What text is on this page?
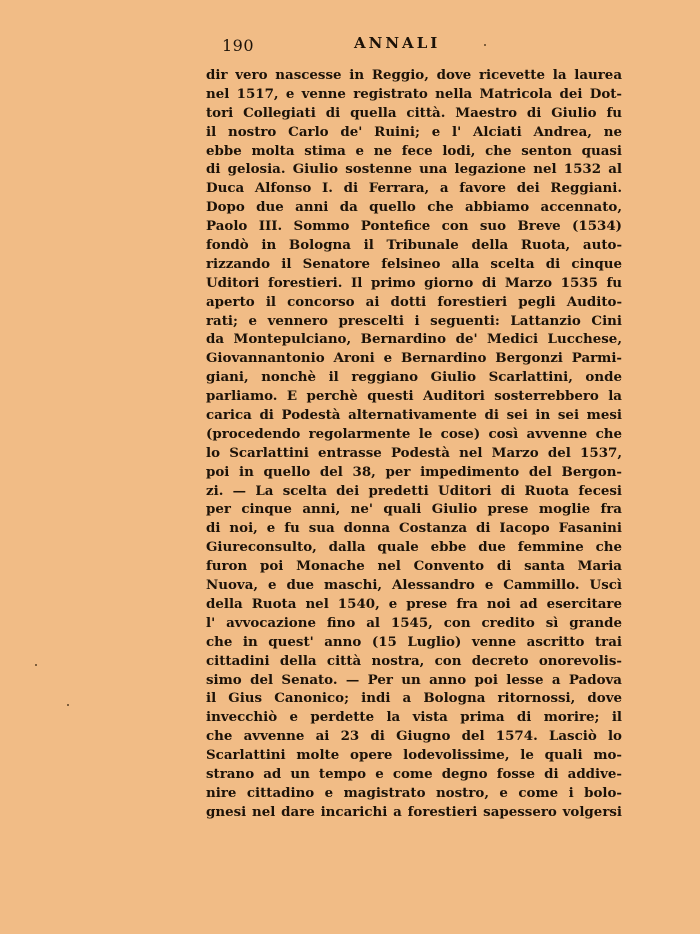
190	ANNALI
dir vero nascesse in Reggio, dove ricevette la laurea
nel 1517, e venne registrato nella Matricola dei Dot-
tori Collegiati di quella città. Maestro di Giulio fu
il nostro Carlo de' Ruini; e l' Alciati Andrea, ne
ebbe molta stima e ne fece lodi, che senton quasi
di gelosia. Giulio sostenne una legazione nel 1532 al
Duca Alfonso I. di Ferrara, a favore dei Reggiani.
Dopo due anni da quello che abbiamo accennato,
Paolo III. Sommo Pontefice con suo Breve (1534)
fondò in Bologna il Tribunale della Ruota, auto-
rizzando il Senatore felsineo alla scelta di cinque
Uditori forestieri. Il primo giorno di Marzo 1535 fu
aperto il concorso ai dotti forestieri pegli Audito-
rati; e vennero prescelti i seguenti: Lattanzio Cini
da Montepulciano, Bernardino de' Medici Lucchese,
Giovannantonio Aroni e Bernardino Bergonzi Parmi-
giani, nonchè il reggiano Giulio Scarlattini, onde
parliamo. E perchè questi Auditori sosterrebbero la
carica di Podestà alternativamente di sei in sei mesi
(procedendo regolarmente le cose) così avvenne che
lo Scarlattini entrasse Podestà nel Marzo del 1537,
poi in quello del 38, per impedimento del Bergon-
zi. — La scelta dei predetti Uditori di Ruota fecesi
per cinque anni, ne' quali Giulio prese moglie fra
di noi, e fu sua donna Costanza di Iacopo Fasanini
Giureconsulto, dalla quale ebbe due femmine che
furon poi Monache nel Convento di santa Maria
Nuova, e due maschi, Alessandro e Cammillo. Uscì
della Ruota nel 1540, e prese fra noi ad esercitare
l' avvocazione fino al 1545, con credito sì grande
che in quest' anno (15 Luglio) venne ascritto trai
cittadini della città nostra, con decreto onorevolis-
simo del Senato. — Per un anno poi lesse a Padova
il Gius Canonico; indi a Bologna ritornossi, dove
invecchiò e perdette la vista prima di morire; il
che avvenne ai 23 di Giugno del 1574. Lasciò lo
Scarlattini molte opere lodevolissime, le quali mo-
strano ad un tempo e come degno fosse di addive-
nire cittadino e magistrato nostro, e come i bolo-
gnesi nel dare incarichi a forestieri sapessero volgersi
